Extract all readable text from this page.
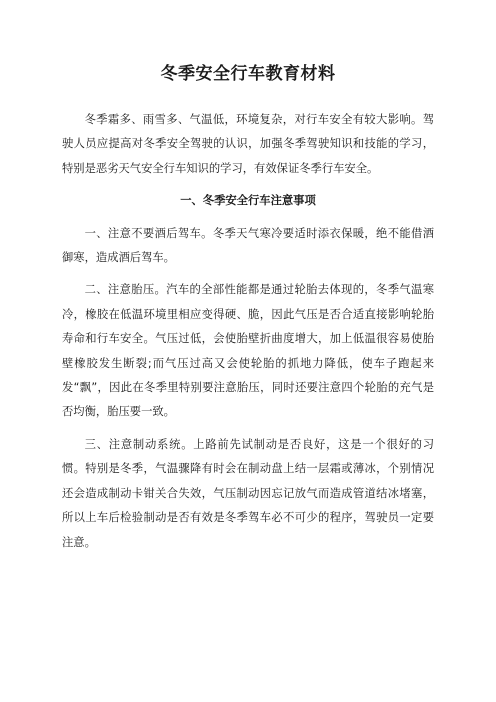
冬季安全行车教育材料

冬季霜多、雨雪多、气温低，环境复杂，对行车安全有较大影响。驾驶人员应提高对冬季安全驾驶的认识，加强冬季驾驶知识和技能的学习，特别是恶劣天气安全行车知识的学习，有效保证冬季行车安全。

一、冬季安全行车注意事项

一、注意不要酒后驾车。冬季天气寒冷要适时添衣保暖，绝不能借酒御寒，造成酒后驾车。

二、注意胎压。汽车的全部性能都是通过轮胎去体现的，冬季气温寒冷，橡胶在低温环境里相应变得硬、脆，因此气压是否合适直接影响轮胎寿命和行车安全。气压过低，会使胎壁折曲度增大，加上低温很容易使胎壁橡胶发生断裂;而气压过高又会使轮胎的抓地力降低，使车子跑起来发“飘”，因此在冬季里特别要注意胎压，同时还要注意四个轮胎的充气是否均衡，胎压要一致。

三、注意制动系统。上路前先试制动是否良好，这是一个很好的习惯。特别是冬季，气温骤降有时会在制动盘上结一层霜或薄冰，个别情况还会造成制动卡钳关合失效，气压制动因忘记放气而造成管道结冰堵塞，所以上车后检验制动是否有效是冬季驾车必不可少的程序，驾驶员一定要注意。
